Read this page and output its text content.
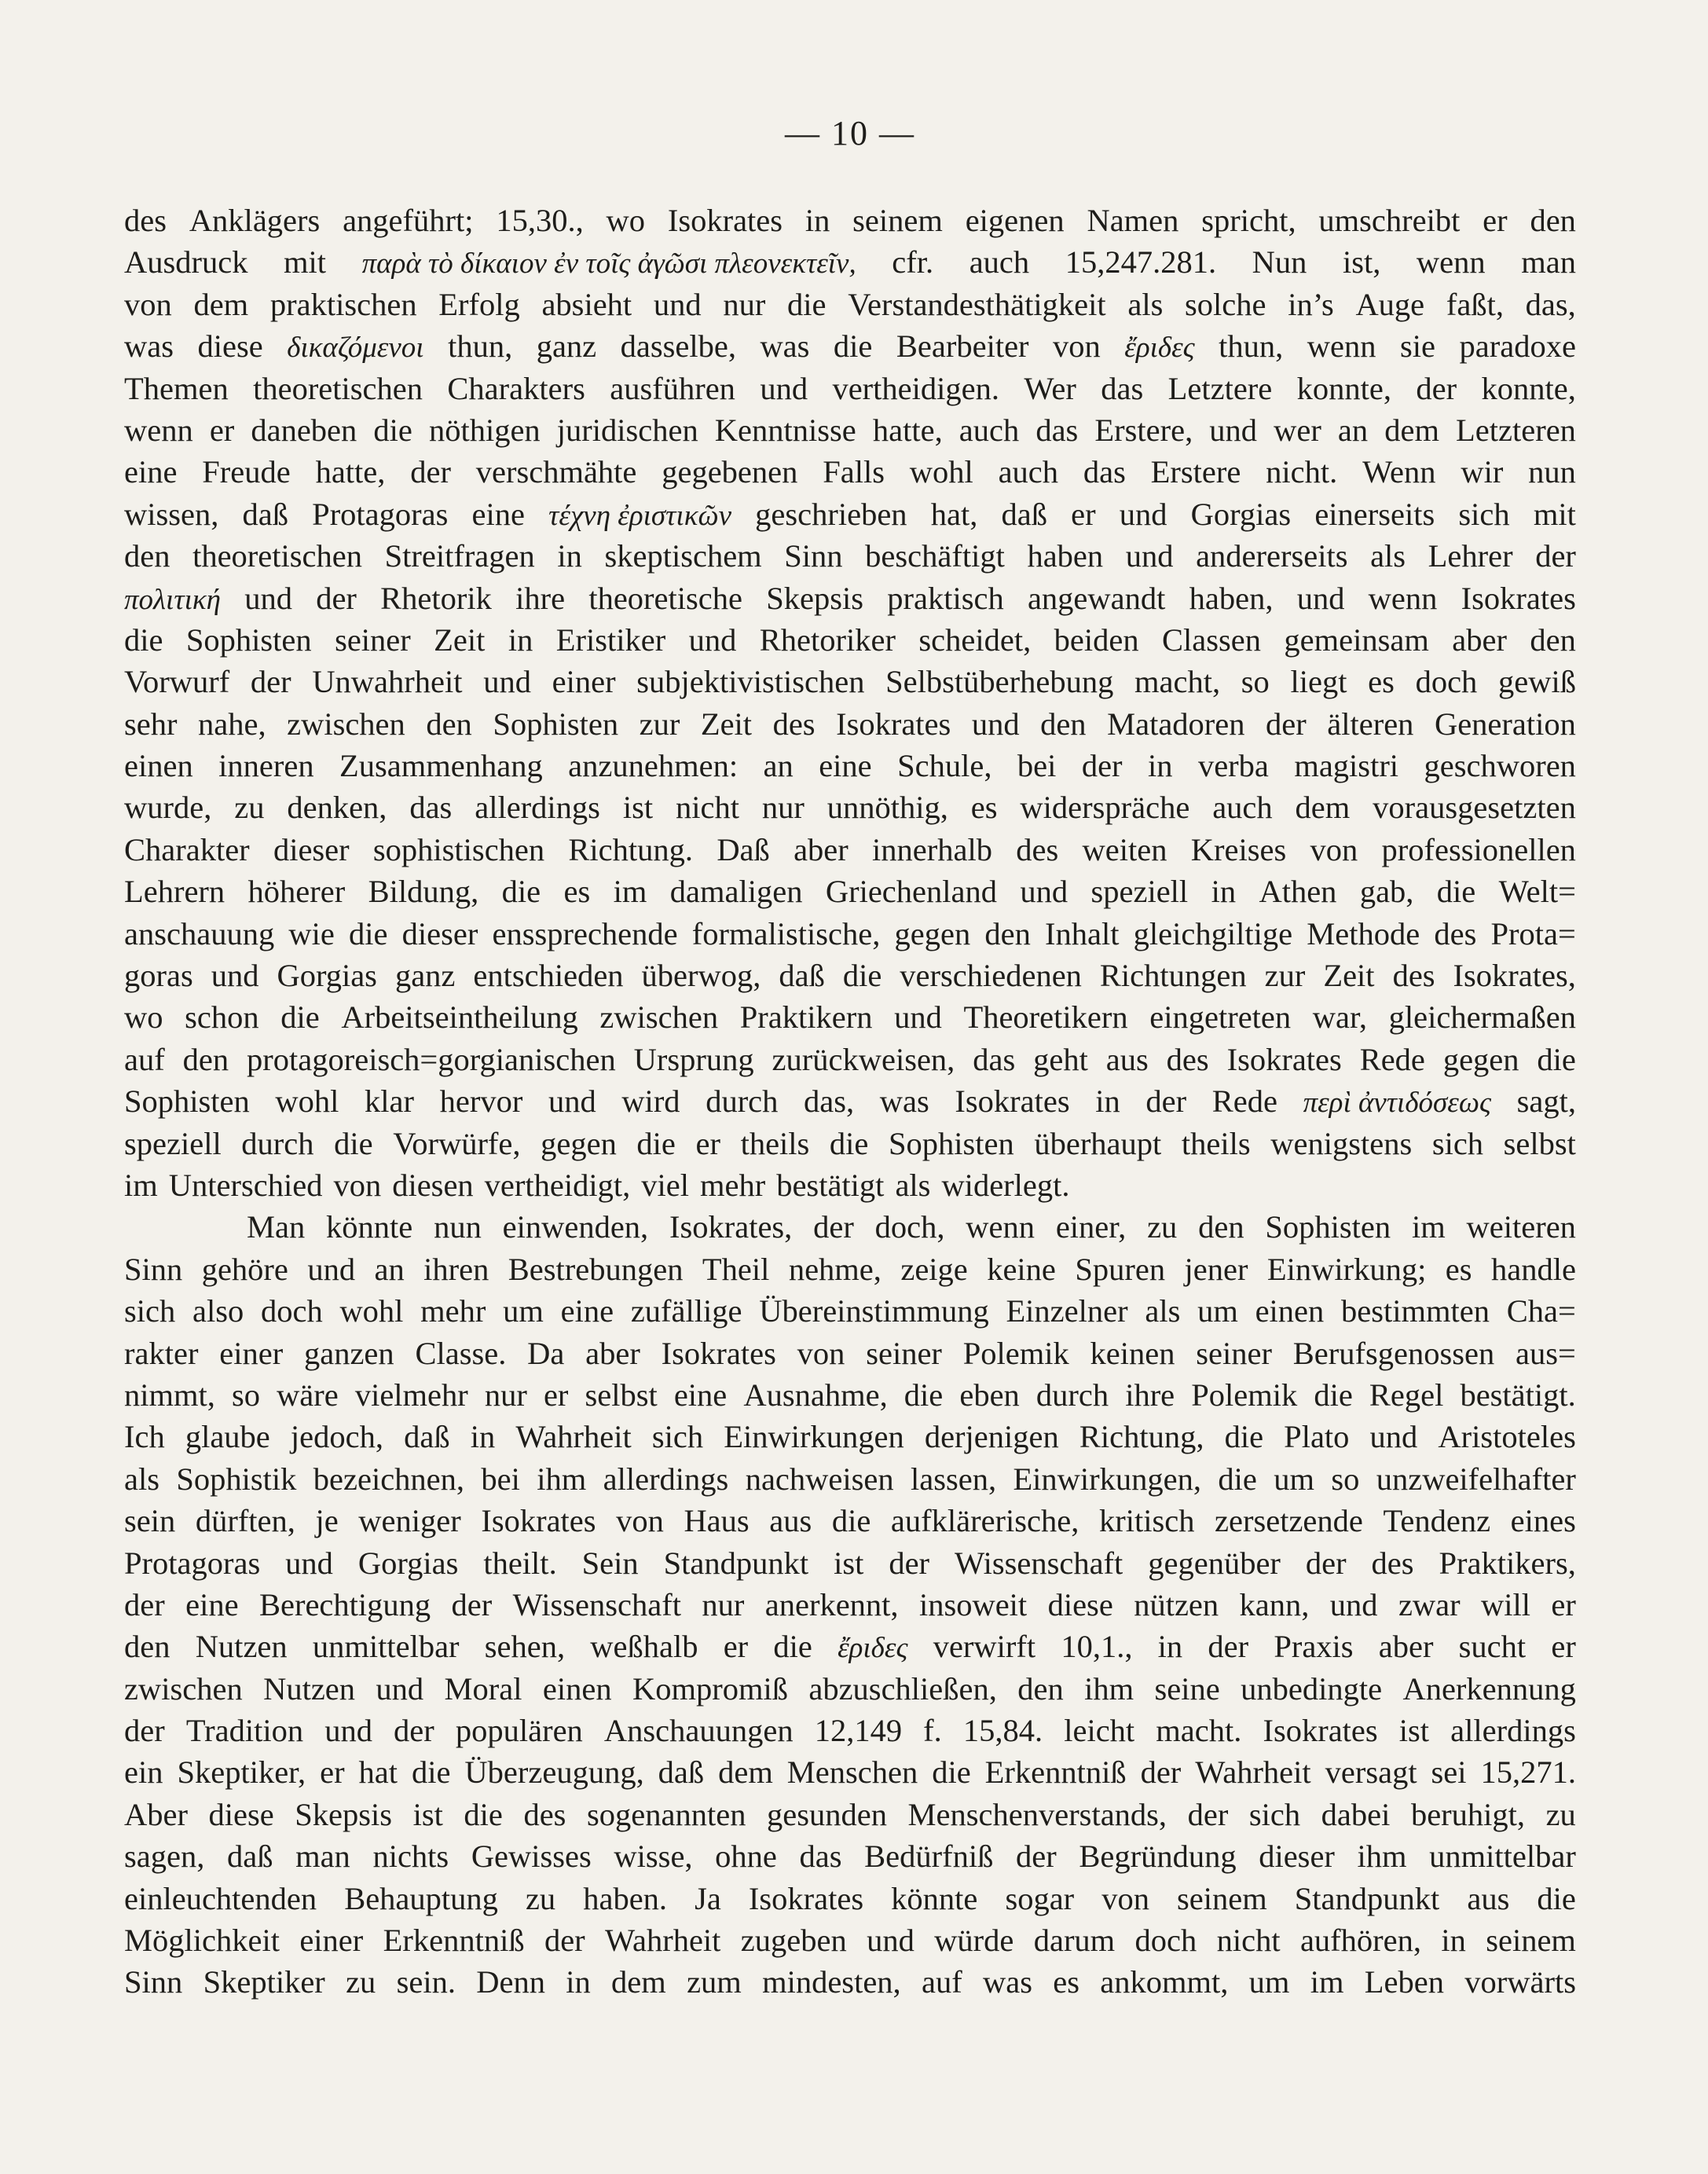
— 10 —
des Anklägers angeführt; 15,30., wo Isokrates in seinem eigenen Namen spricht, umschreibt er den
Ausdruck mit παρὰ τὸ δίκαιον ἐν τοῖς ἀγῶσι πλεονεκτεῖν, cfr. auch 15,247.281. Nun ist, wenn man
von dem praktischen Erfolg absieht und nur die Verstandesthätigkeit als solche in’s Auge faßt, das,
was diese δικαζόμενοι thun, ganz dasselbe, was die Bearbeiter von ἔριδες thun, wenn sie paradoxe
Themen theoretischen Charakters ausführen und vertheidigen. Wer das Letztere konnte, der konnte,
wenn er daneben die nöthigen juridischen Kenntnisse hatte, auch das Erstere, und wer an dem Letzteren
eine Freude hatte, der verschmähte gegebenen Falls wohl auch das Erstere nicht. Wenn wir nun
wissen, daß Protagoras eine τέχνη ἐριστικῶν geschrieben hat, daß er und Gorgias einerseits sich mit
den theoretischen Streitfragen in skeptischem Sinn beschäftigt haben und andererseits als Lehrer der
πολιτική und der Rhetorik ihre theoretische Skepsis praktisch angewandt haben, und wenn Isokrates
die Sophisten seiner Zeit in Eristiker und Rhetoriker scheidet, beiden Classen gemeinsam aber den
Vorwurf der Unwahrheit und einer subjektivistischen Selbstüberhebung macht, so liegt es doch gewiß
sehr nahe, zwischen den Sophisten zur Zeit des Isokrates und den Matadoren der älteren Generation
einen inneren Zusammenhang anzunehmen: an eine Schule, bei der in verba magistri geschworen
wurde, zu denken, das allerdings ist nicht nur unnöthig, es widerspräche auch dem vorausgesetzten
Charakter dieser sophistischen Richtung. Daß aber innerhalb des weiten Kreises von professionellen
Lehrern höherer Bildung, die es im damaligen Griechenland und speziell in Athen gab, die Welt=
anschauung wie die dieser enssprechende formalistische, gegen den Inhalt gleichgiltige Methode des Prota=
goras und Gorgias ganz entschieden überwog, daß die verschiedenen Richtungen zur Zeit des Isokrates,
wo schon die Arbeitseintheilung zwischen Praktikern und Theoretikern eingetreten war, gleichermaßen
auf den protagoreisch=gorgianischen Ursprung zurückweisen, das geht aus des Isokrates Rede gegen die
Sophisten wohl klar hervor und wird durch das, was Isokrates in der Rede περὶ ἀντιδόσεως sagt,
speziell durch die Vorwürfe, gegen die er theils die Sophisten überhaupt theils wenigstens sich selbst
im Unterschied von diesen vertheidigt, viel mehr bestätigt als widerlegt.
Man könnte nun einwenden, Isokrates, der doch, wenn einer, zu den Sophisten im weiteren
Sinn gehöre und an ihren Bestrebungen Theil nehme, zeige keine Spuren jener Einwirkung; es handle
sich also doch wohl mehr um eine zufällige Übereinstimmung Einzelner als um einen bestimmten Cha=
rakter einer ganzen Classe. Da aber Isokrates von seiner Polemik keinen seiner Berufsgenossen aus=
nimmt, so wäre vielmehr nur er selbst eine Ausnahme, die eben durch ihre Polemik die Regel bestätigt.
Ich glaube jedoch, daß in Wahrheit sich Einwirkungen derjenigen Richtung, die Plato und Aristoteles
als Sophistik bezeichnen, bei ihm allerdings nachweisen lassen, Einwirkungen, die um so unzweifelhafter
sein dürften, je weniger Isokrates von Haus aus die aufklärerische, kritisch zersetzende Tendenz eines
Protagoras und Gorgias theilt. Sein Standpunkt ist der Wissenschaft gegenüber der des Praktikers,
der eine Berechtigung der Wissenschaft nur anerkennt, insoweit diese nützen kann, und zwar will er
den Nutzen unmittelbar sehen, weßhalb er die ἔριδες verwirft 10,1., in der Praxis aber sucht er
zwischen Nutzen und Moral einen Kompromiß abzuschließen, den ihm seine unbedingte Anerkennung
der Tradition und der populären Anschauungen 12,149 f. 15,84. leicht macht. Isokrates ist allerdings
ein Skeptiker, er hat die Überzeugung, daß dem Menschen die Erkenntniß der Wahrheit versagt sei 15,271.
Aber diese Skepsis ist die des sogenannten gesunden Menschenverstands, der sich dabei beruhigt, zu
sagen, daß man nichts Gewisses wisse, ohne das Bedürfniß der Begründung dieser ihm unmittelbar
einleuchtenden Behauptung zu haben. Ja Isokrates könnte sogar von seinem Standpunkt aus die
Möglichkeit einer Erkenntniß der Wahrheit zugeben und würde darum doch nicht aufhören, in seinem
Sinn Skeptiker zu sein. Denn in dem zum mindesten, auf was es ankommt, um im Leben vorwärts
